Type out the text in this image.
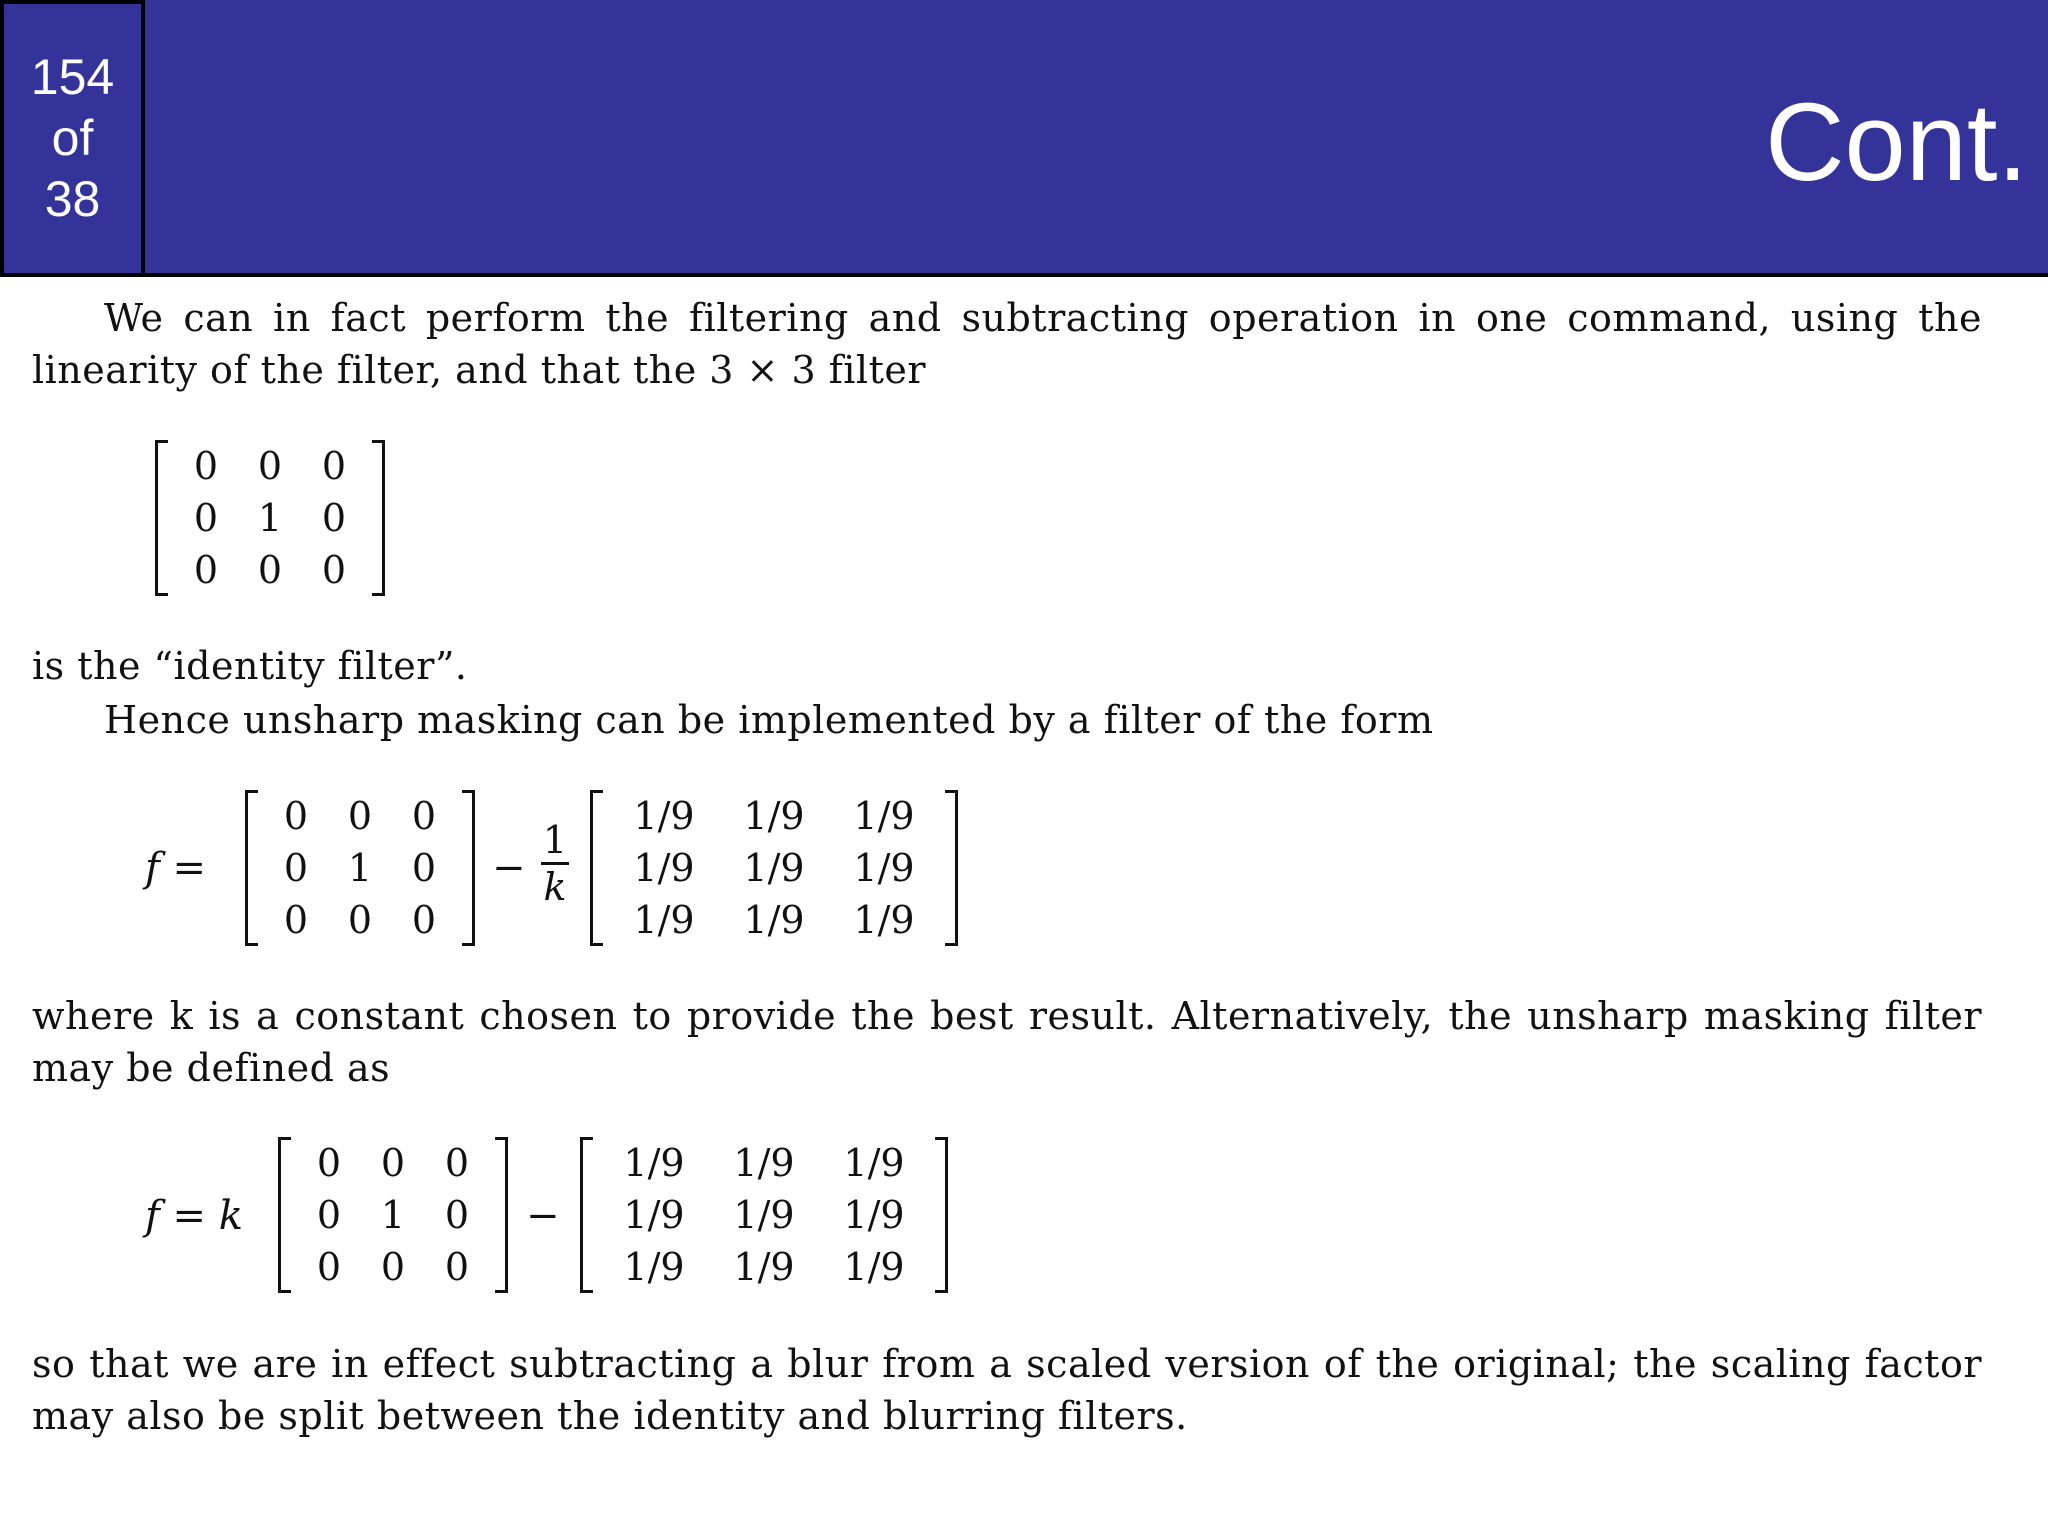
154
of
38	Cont.
We can in fact perform the filtering and subtracting operation in one command, using the linearity of the filter, and that the 3 × 3 filter
0	0	0
0	1	0
0	0	0
is the “identity filter”.
Hence unsharp masking can be implemented by a filter of the form
f =
0	0	0
0	1	0
0	0	0
−
1
k
1/9	1/9	1/9
1/9	1/9	1/9
1/9	1/9	1/9
where k is a constant chosen to provide the best result. Alternatively, the unsharp masking filter may be defined as
f = k
0	0	0
0	1	0
0	0	0
−
1/9	1/9	1/9
1/9	1/9	1/9
1/9	1/9	1/9
so that we are in effect subtracting a blur from a scaled version of the original; the scaling factor may also be split between the identity and blurring filters.
